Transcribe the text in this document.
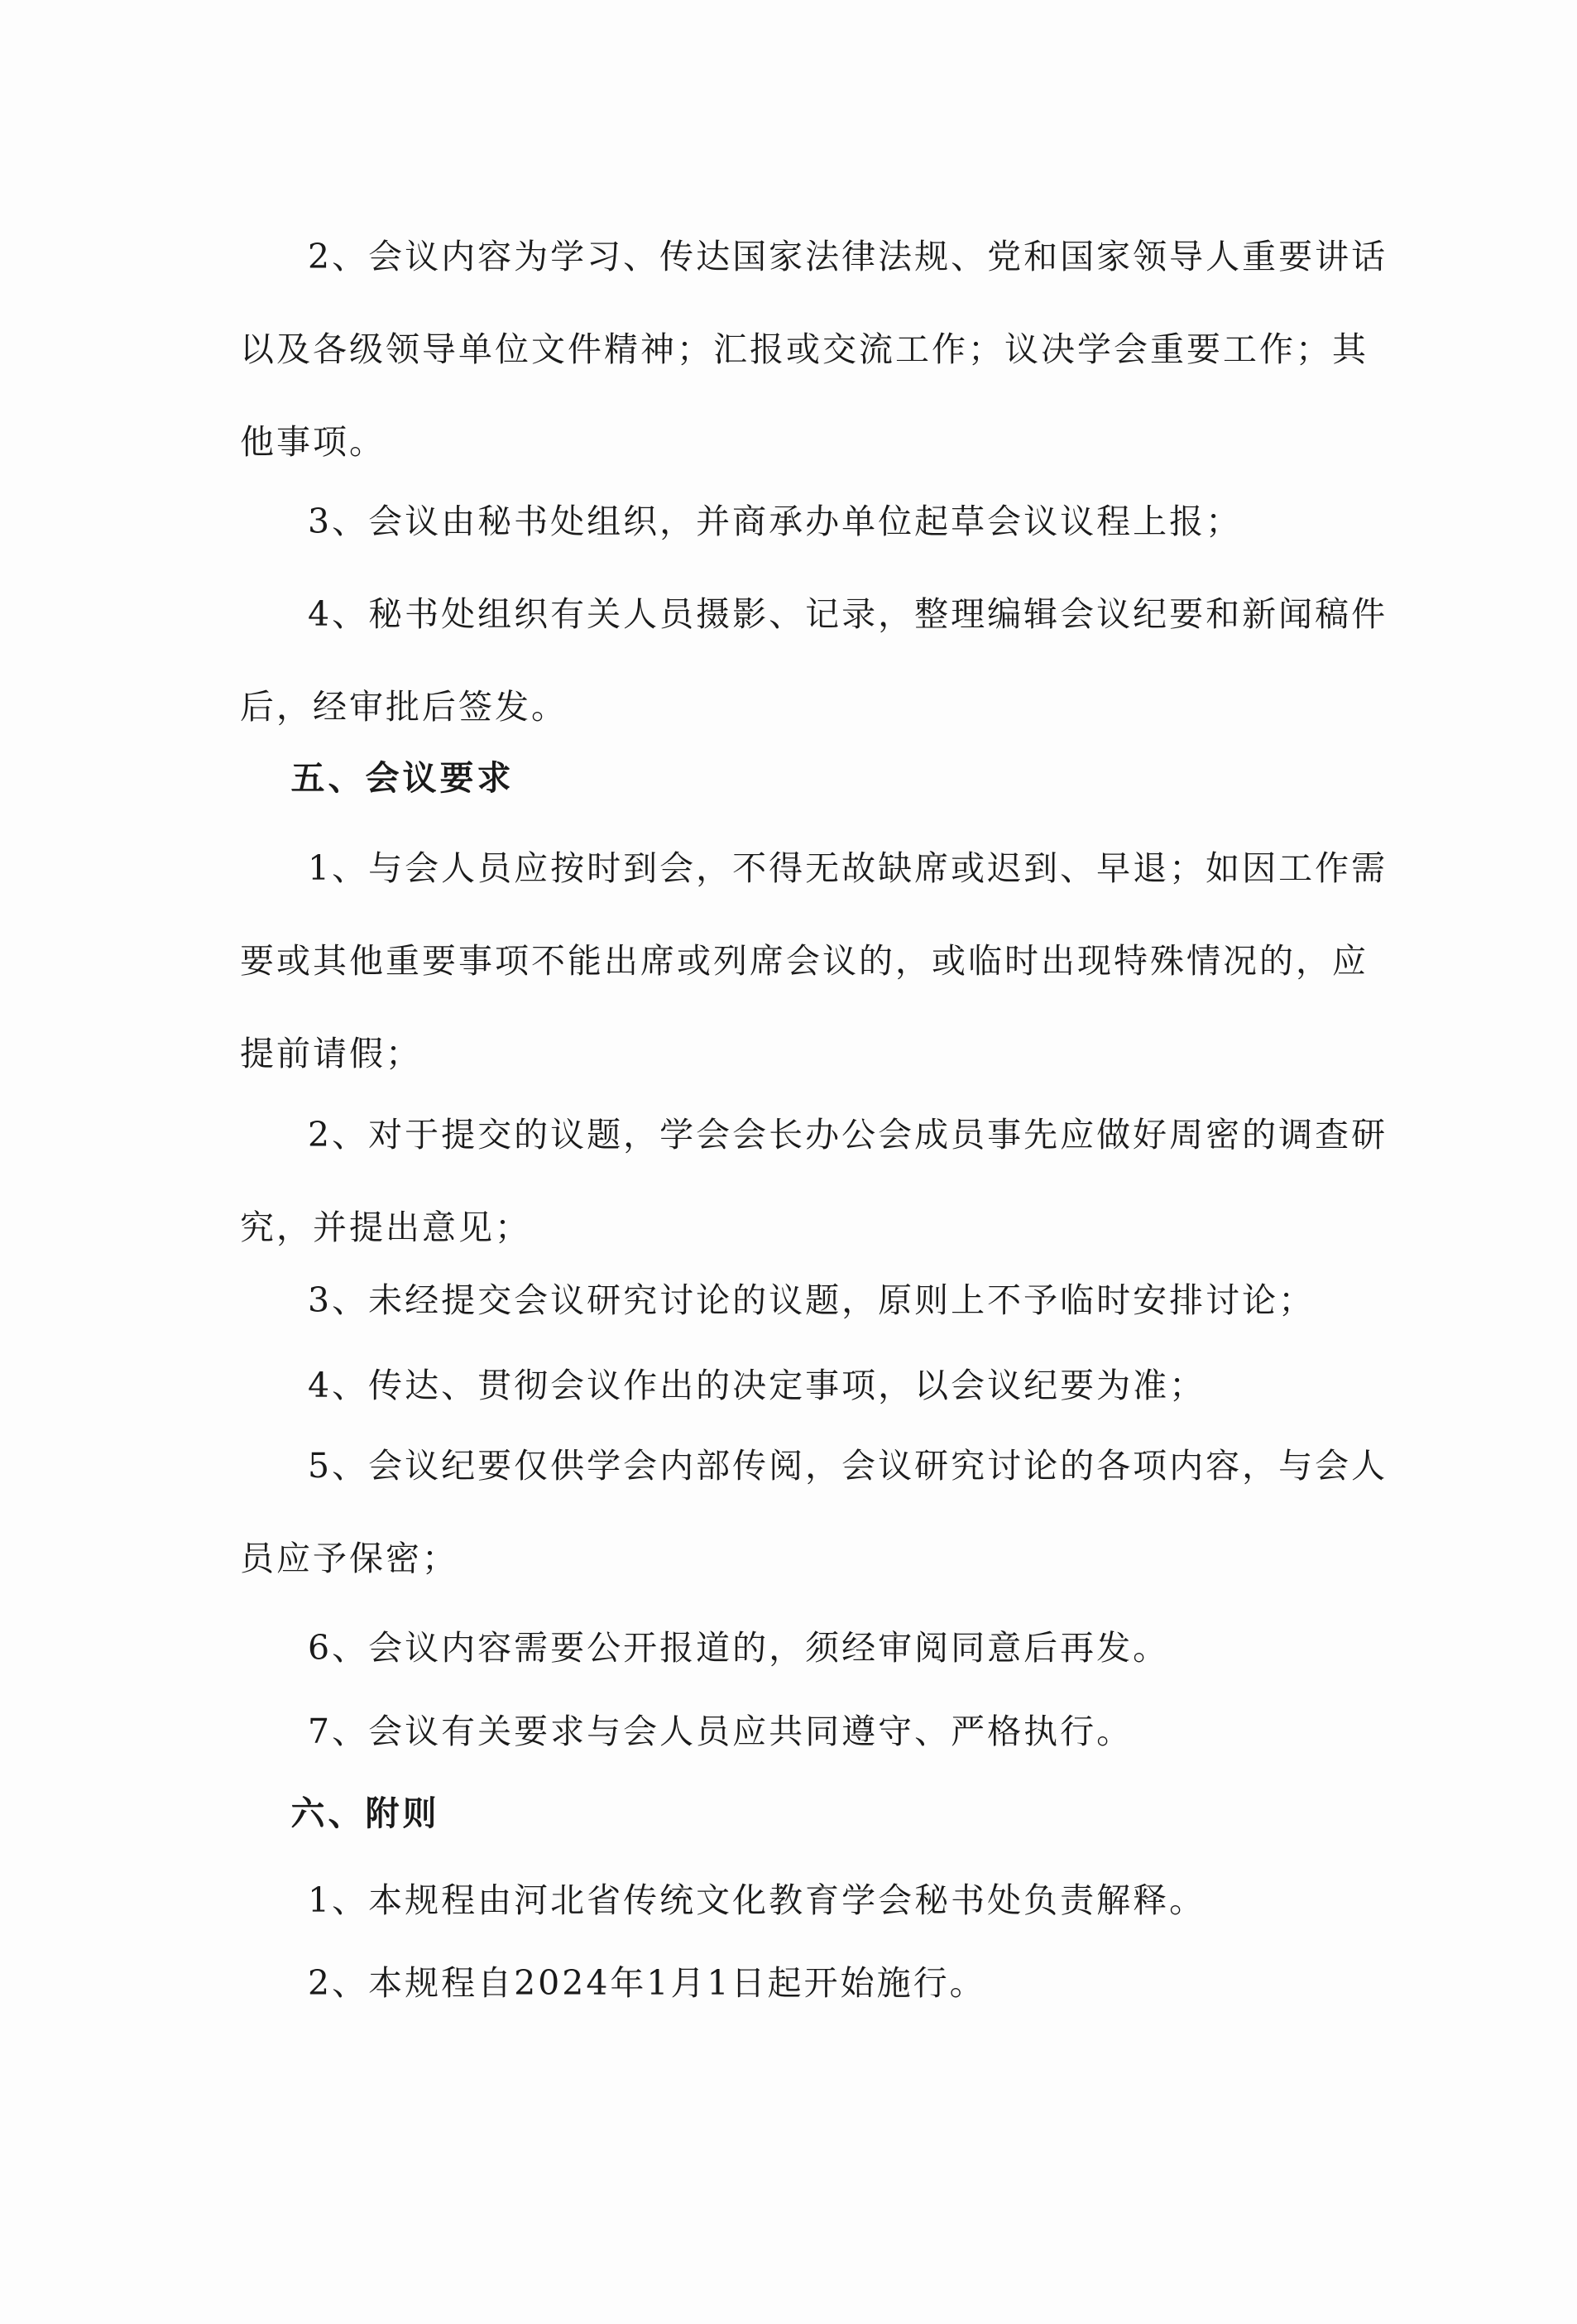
2、会议内容为学习、传达国家法律法规、党和国家领导人重要讲话以及各级领导单位文件精神；汇报或交流工作；议决学会重要工作；其他事项。

3、会议由秘书处组织，并商承办单位起草会议议程上报；

4、秘书处组织有关人员摄影、记录，整理编辑会议纪要和新闻稿件后，经审批后签发。

五、会议要求

1、与会人员应按时到会，不得无故缺席或迟到、早退；如因工作需要或其他重要事项不能出席或列席会议的，或临时出现特殊情况的，应提前请假；

2、对于提交的议题，学会会长办公会成员事先应做好周密的调查研究，并提出意见；

3、未经提交会议研究讨论的议题，原则上不予临时安排讨论；

4、传达、贯彻会议作出的决定事项，以会议纪要为准；

5、会议纪要仅供学会内部传阅，会议研究讨论的各项内容，与会人员应予保密；

6、会议内容需要公开报道的，须经审阅同意后再发。

7、会议有关要求与会人员应共同遵守、严格执行。

六、附则

1、本规程由河北省传统文化教育学会秘书处负责解释。

2、本规程自2024年1月1日起开始施行。
